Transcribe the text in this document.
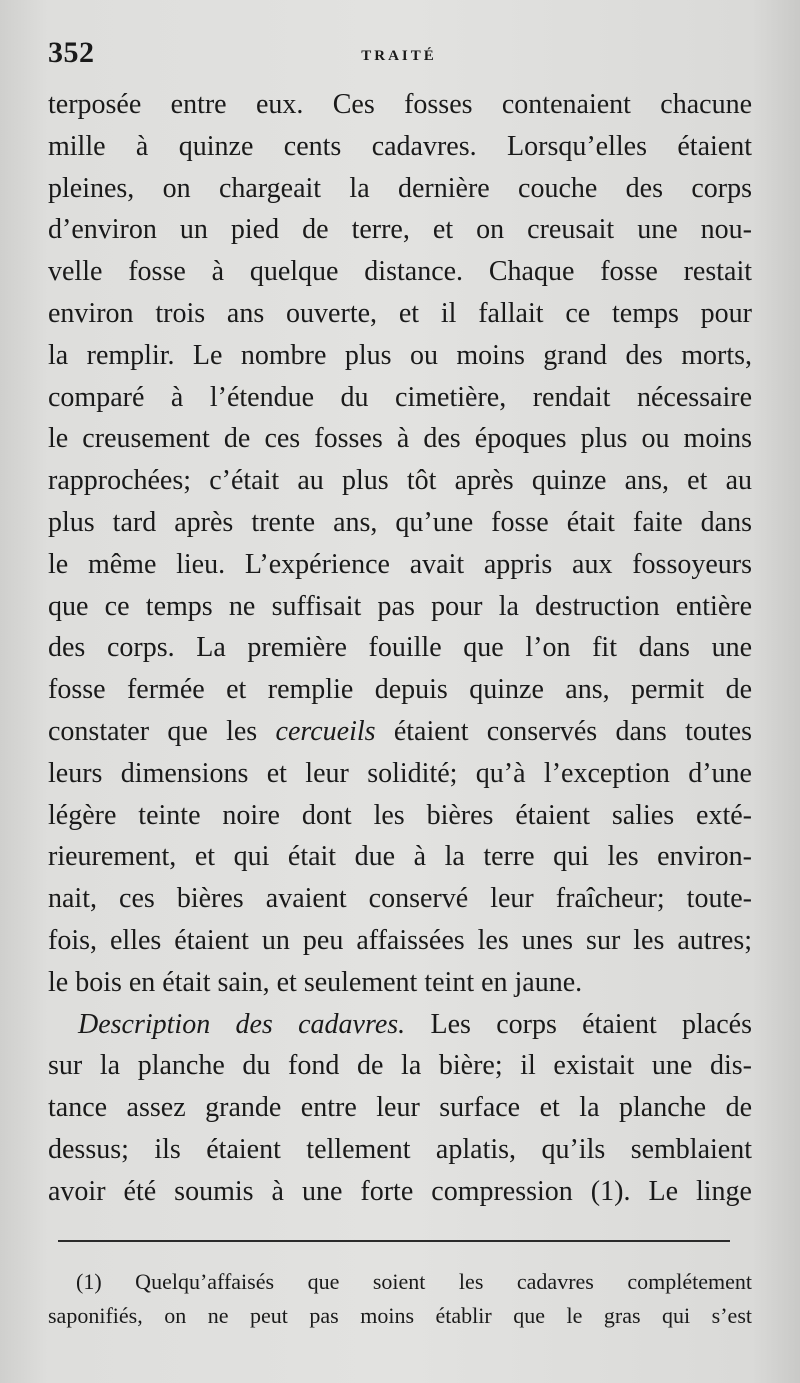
352	TRAITÉ
terposée entre eux. Ces fosses contenaient chacune
mille à quinze cents cadavres. Lorsqu’elles étaient
pleines, on chargeait la dernière couche des corps
d’environ un pied de terre, et on creusait une nou-
velle fosse à quelque distance. Chaque fosse restait
environ trois ans ouverte, et il fallait ce temps pour
la remplir. Le nombre plus ou moins grand des morts,
comparé à l’étendue du cimetière, rendait nécessaire
le creusement de ces fosses à des époques plus ou moins
rapprochées; c’était au plus tôt après quinze ans, et au
plus tard après trente ans, qu’une fosse était faite dans
le même lieu. L’expérience avait appris aux fossoyeurs
que ce temps ne suffisait pas pour la destruction entière
des corps. La première fouille que l’on fit dans une
fosse fermée et remplie depuis quinze ans, permit de
constater que les cercueils étaient conservés dans toutes
leurs dimensions et leur solidité; qu’à l’exception d’une
légère teinte noire dont les bières étaient salies exté-
rieurement, et qui était due à la terre qui les environ-
nait, ces bières avaient conservé leur fraîcheur; toute-
fois, elles étaient un peu affaissées les unes sur les autres;
le bois en était sain, et seulement teint en jaune.
Description des cadavres. Les corps étaient placés
sur la planche du fond de la bière; il existait une dis-
tance assez grande entre leur surface et la planche de
dessus; ils étaient tellement aplatis, qu’ils semblaient
avoir été soumis à une forte compression (1). Le linge
(1) Quelqu’affaisés que soient les cadavres complétement
saponifiés, on ne peut pas moins établir que le gras qui s’est
